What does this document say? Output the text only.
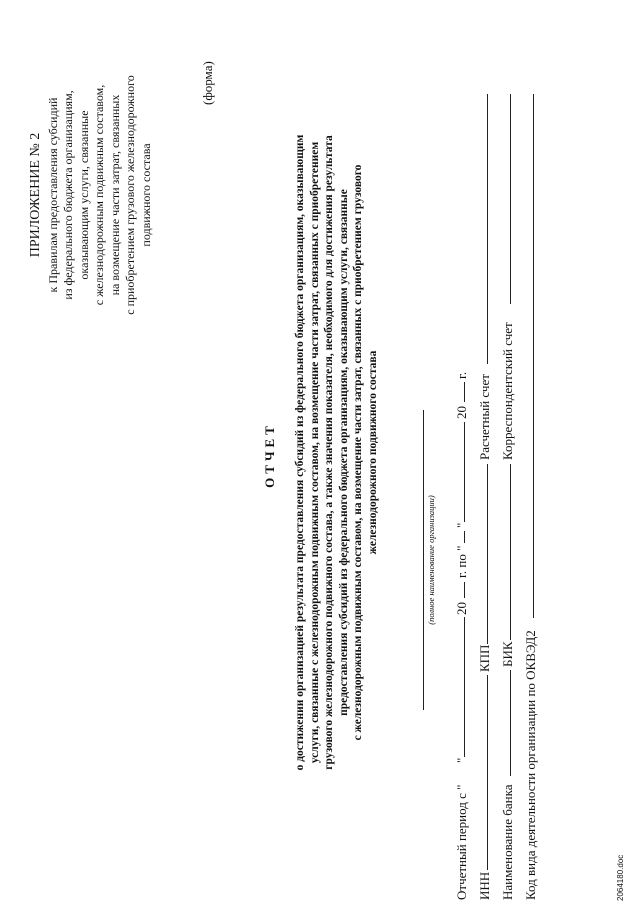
ПРИЛОЖЕНИЕ № 2 к Правилам предоставления субсидий из федерального бюджета организациям, оказывающим услуги, связанные с железнодорожным подвижным составом, на возмещение части затрат, связанных с приобретением грузового железнодорожного подвижного состава
(форма)
ОТЧЕТ о достижении организацией результата предоставления субсидий из федерального бюджета организациям, оказывающим услуги, связанные с железнодорожным подвижным составом, на возмещение части затрат, связанных с приобретением грузового железнодорожного подвижного состава, а также значения показателя, необходимого для достижения результата предоставления субсидий из федерального бюджета организациям, оказывающим услуги, связанные с железнодорожным подвижным составом, на возмещение части затрат, связанных с приобретением грузового железнодорожного подвижного состава
(полное наименование организации)
Отчетный период с "
"
20
г. по "
"
20
г.
ИНН
КПП
Расчетный счет
Наименование банка
БИК
Корреспондентский счет
Код вида деятельности организации по ОКВЭД2	2064180.doc
